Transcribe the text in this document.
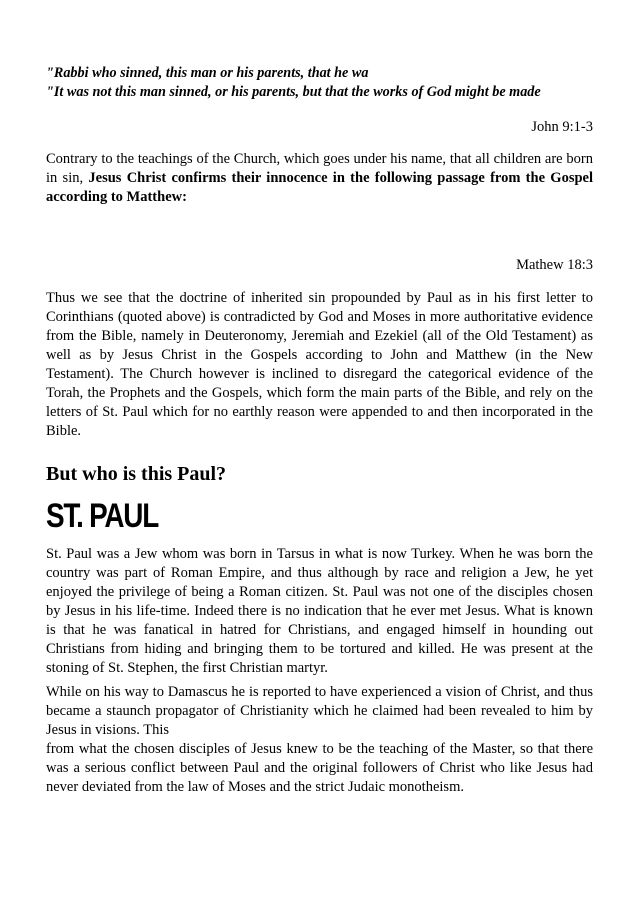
"Rabbi who sinned, this man or his parents, that he wa

"It was not this man sinned, or his parents, but that the works of God might be made

John 9:1-3

Contrary to the teachings of the Church, which goes under his name, that all children are born in sin, Jesus Christ confirms their innocence in the following passage from the Gospel according to Matthew:

Mathew 18:3

Thus we see that the doctrine of inherited sin propounded by Paul as in his first letter to Corinthians (quoted above) is contradicted by God and Moses in more authoritative evidence from the Bible, namely in Deuteronomy, Jeremiah and Ezekiel (all of the Old Testament) as well as by Jesus Christ in the Gospels according to John and Matthew (in the New Testament). The Church however is inclined to disregard the categorical evidence of the Torah, the Prophets and the Gospels, which form the main parts of the Bible, and rely on the letters of St. Paul which for no earthly reason were appended to and then incorporated in the Bible.

But who is this Paul?
ST. PAUL

St. Paul was a Jew whom was born in Tarsus in what is now Turkey. When he was born the country was part of Roman Empire, and thus although by race and religion a Jew, he yet enjoyed the privilege of being a Roman citizen. St. Paul was not one of the disciples chosen by Jesus in his life-time. Indeed there is no indication that he ever met Jesus. What is known is that he was fanatical in hatred for Christians, and engaged himself in hounding out Christians from hiding and bringing them to be tortured and killed. He was present at the stoning of St. Stephen, the first Christian martyr.

While on his way to Damascus he is reported to have experienced a vision of Christ, and thus became a staunch propagator of Christianity which he claimed had been revealed to him by Jesus in visions. This
from what the chosen disciples of Jesus knew to be the teaching of the Master, so that there was a serious conflict between Paul and the original followers of Christ who like Jesus had never deviated from the law of Moses and the strict Judaic monotheism.
